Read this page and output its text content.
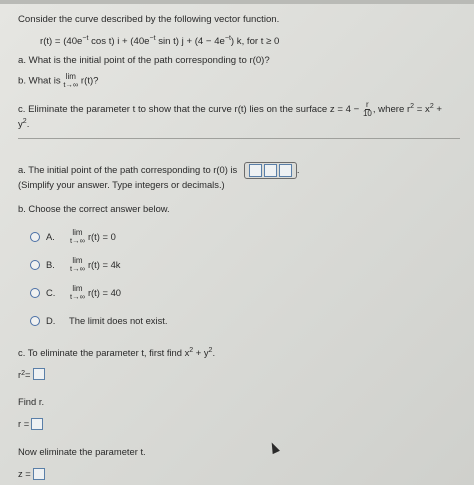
Consider the curve described by the following vector function.
$r(t) = (40e^{-t}$ cos t) $i + (40e^{-t}$ sin t) $j + (4 - 4e^{-t})$ k, for t ≥ 0
a. What is the initial point of the path corresponding to r(0)?
b. What is lim
t→∞ r(t)?
c. Eliminate the parameter t to show that the curve r(t) lies on the surface $z = 4 - \frac{r}{10}$ , where $r^2 = x^2 + y^2$.
a. The initial point of the path corresponding to r(0) is	.
(Simplify your answer. Type integers or decimals.)
b. Choose the correct answer below.
A.	lim
t→∞ r(t) = 0
B.	lim
t→∞ r(t) = 4k
C.	lim
t→∞ r(t) = 40
D.	The limit does not exist.
c. To eliminate the parameter t, first find $x^2 + y^2$.
r 2 =
Find r.
r =
Now eliminate the parameter t.
z =
